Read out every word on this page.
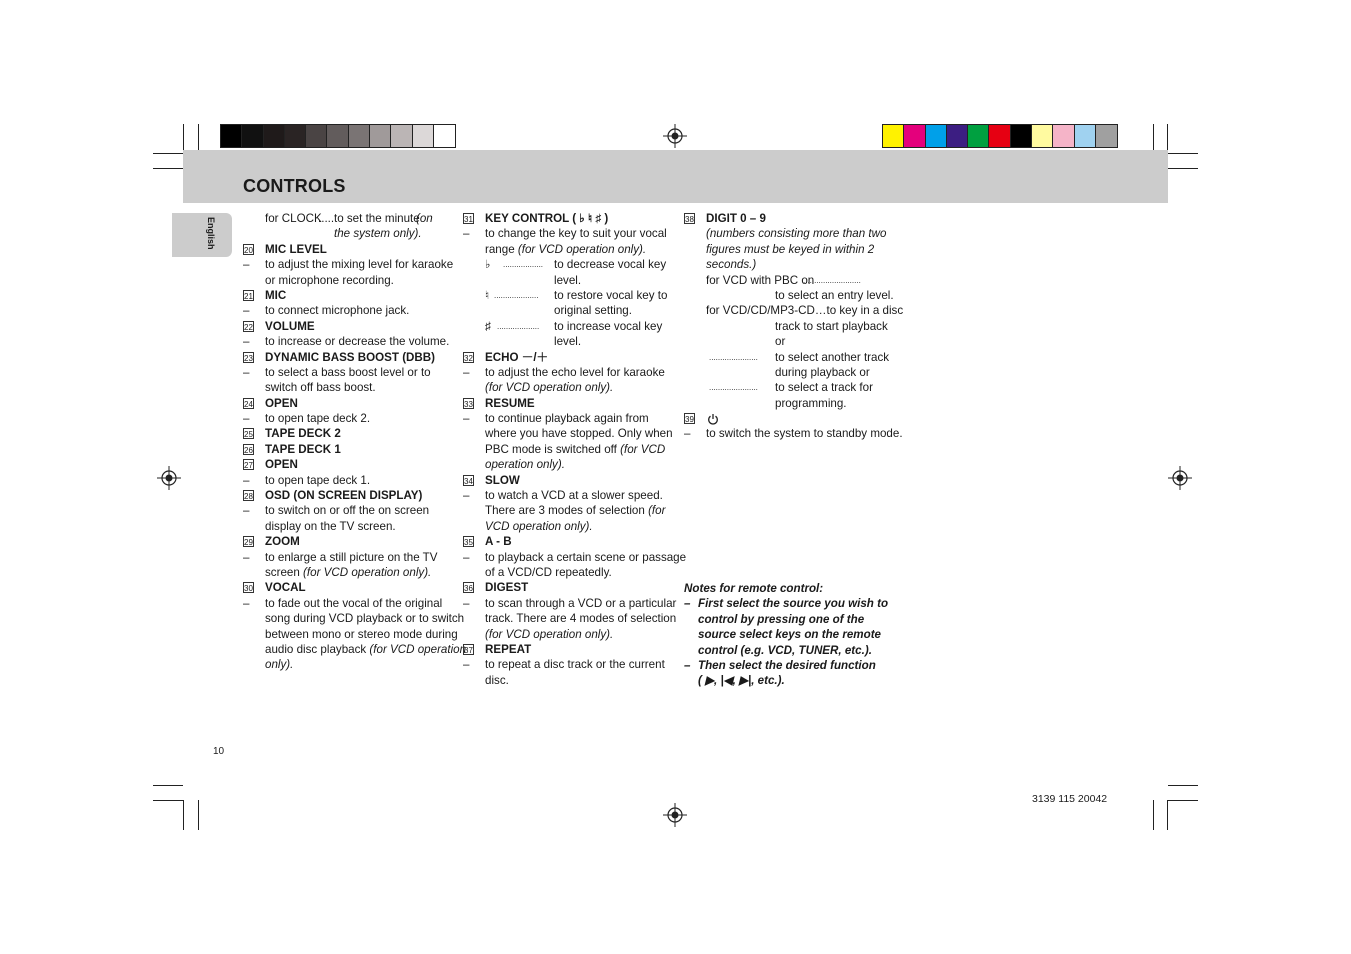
CONTROLS
English	for CLOCK
..... to set the minute
(on
the system only).
20 MIC LEVEL
– to adjust the mixing level for karaoke
or microphone recording.
21 MIC
– to connect microphone jack.
22 VOLUME
– to increase or decrease the volume.
23 DYNAMIC BASS BOOST (DBB)
– to select a bass boost level or to
switch off bass boost.
24 OPEN
– to open tape deck 2.
25 TAPE DECK 2
26 TAPE DECK 1
27 OPEN
– to open tape deck 1.
28 OSD (ON SCREEN DISPLAY)
– to switch on or off the on screen
display on the TV screen.
29 ZOOM
– to enlarge a still picture on the TV
screen (for VCD operation only).
30 VOCAL
– to fade out the vocal of the original
song during VCD playback or to switch
between mono or stereo mode during
audio disc playback (for VCD operation
only).
31 KEY CONTROL ( ♭ ♮ ♯ )
– to change the key to suit your vocal
range (for VCD operation only).
♭ .................. to decrease vocal key
level.
♮ .................... to restore vocal key to
original setting.
♯ ................... to increase vocal key
level.
32 ECHO －/＋
– to adjust the echo level for karaoke
(for VCD operation only).
33 RESUME
– to continue playback again from
where you have stopped. Only when
PBC mode is switched off (for VCD
operation only).
34 SLOW
– to watch a VCD at a slower speed.
There are 3 modes of selection (for
VCD operation only).
35 A - B
– to playback a certain scene or passage
of a VCD/CD repeatedly.
36 DIGEST
– to scan through a VCD or a particular
track. There are 4 modes of selection
(for VCD operation only).
37 REPEAT
– to repeat a disc track or the current
disc.
38 DIGIT 0 – 9
(numbers consisting more than two
figures must be keyed in within 2
seconds.)
for VCD with PBC on
..........................
to select an entry level.
for VCD/CD/MP3-CD…to key in a disc
track to start playback
or
...................... to select another track
during playback or
...................... to select a track for
programming.
39
– to switch the system to standby mode.
Notes for remote control:
– First select the source you wish to
control by pressing one of the
source select keys on the remote
control (e.g. VCD, TUNER, etc.).
– Then select the desired function
( ▶, |◀, ▶|, etc.).
10
3139 115 20042
